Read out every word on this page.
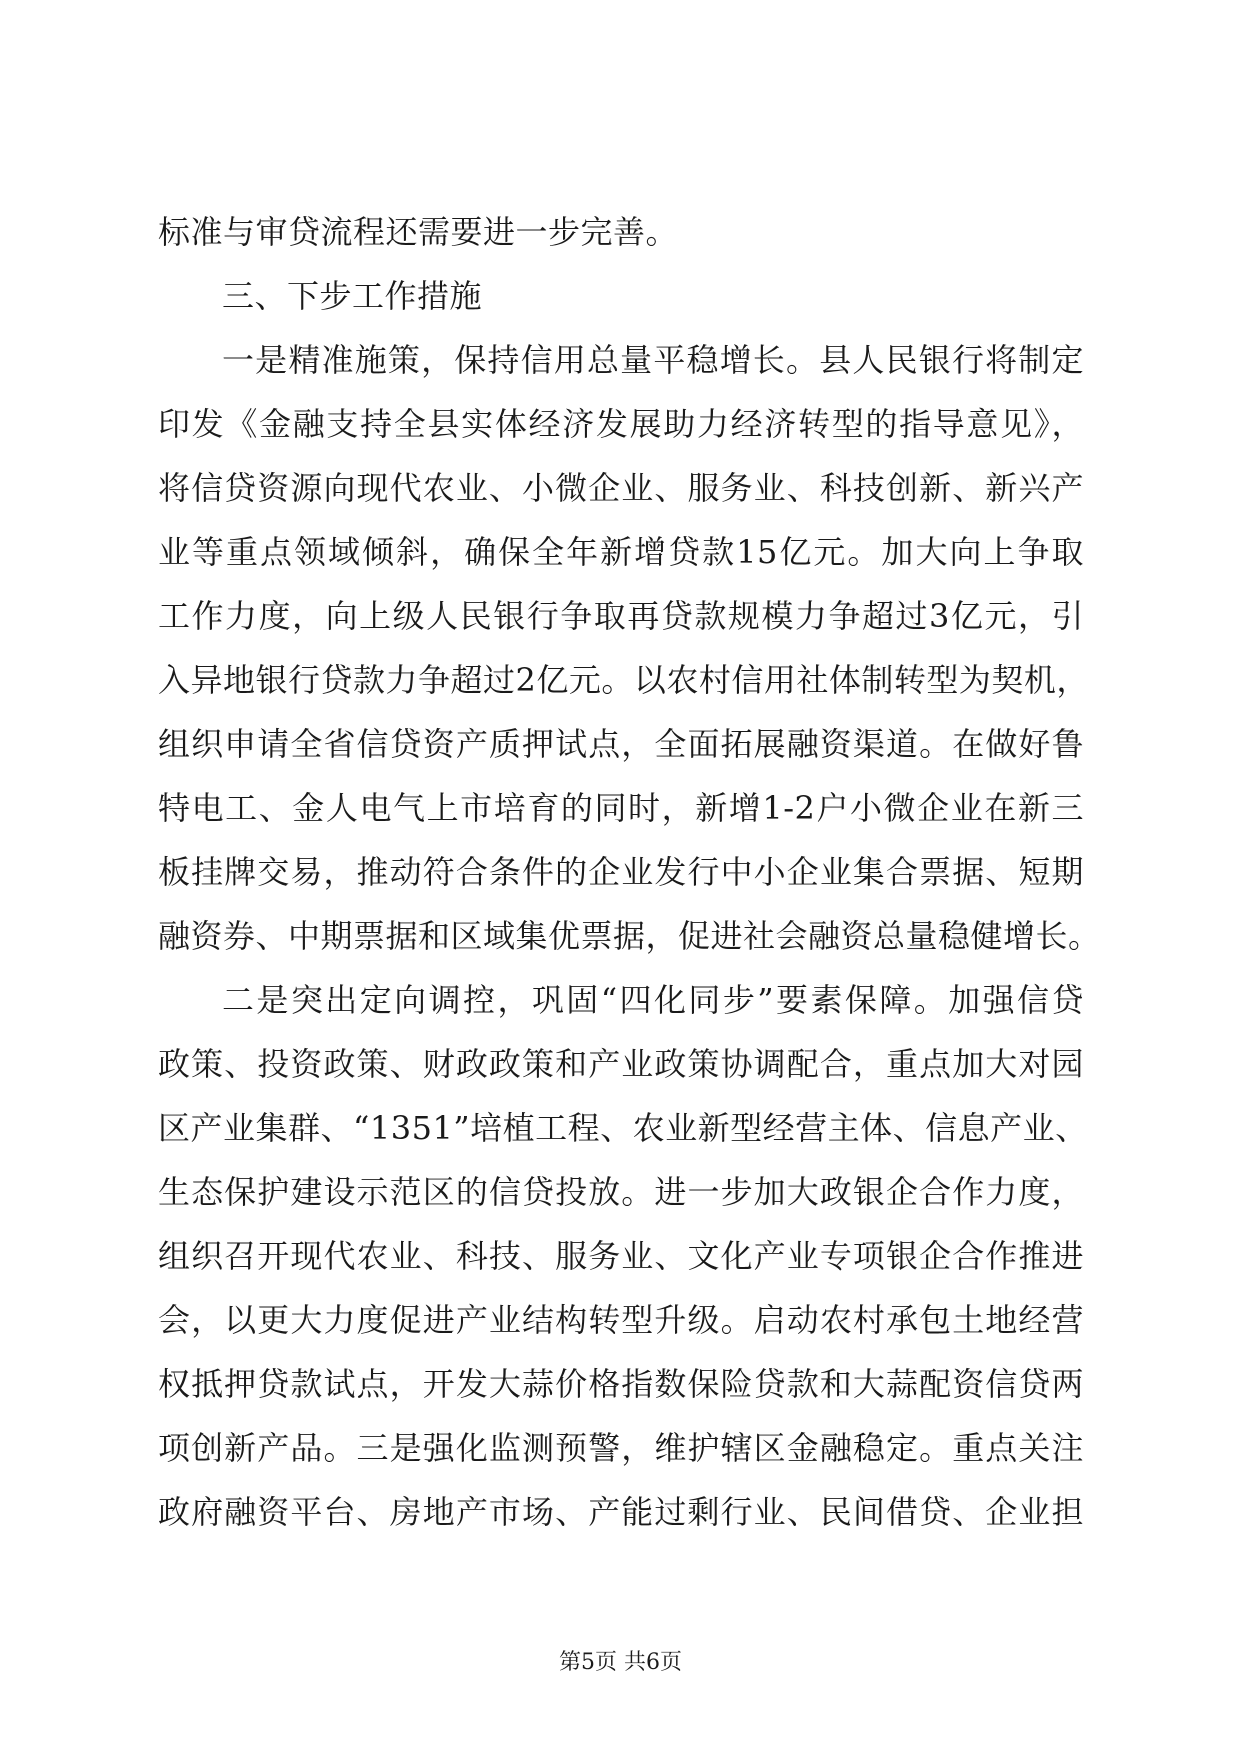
标准与审贷流程还需要进一步完善。
三、下步工作措施
一是精准施策，保持信用总量平稳增长。县人民银行将制定
印发《金融支持全县实体经济发展助力经济转型的指导意见》，
将信贷资源向现代农业、小微企业、服务业、科技创新、新兴产
业等重点领域倾斜，确保全年新增贷款15亿元。加大向上争取
工作力度，向上级人民银行争取再贷款规模力争超过3亿元，引
入异地银行贷款力争超过2亿元。以农村信用社体制转型为契机，
组织申请全省信贷资产质押试点，全面拓展融资渠道。在做好鲁
特电工、金人电气上市培育的同时，新增1-2户小微企业在新三
板挂牌交易，推动符合条件的企业发行中小企业集合票据、短期
融资券、中期票据和区域集优票据，促进社会融资总量稳健增长。
二是突出定向调控，巩固“四化同步”要素保障。加强信贷
政策、投资政策、财政政策和产业政策协调配合，重点加大对园
区产业集群、“1351”培植工程、农业新型经营主体、信息产业、
生态保护建设示范区的信贷投放。进一步加大政银企合作力度，
组织召开现代农业、科技、服务业、文化产业专项银企合作推进
会，以更大力度促进产业结构转型升级。启动农村承包土地经营
权抵押贷款试点，开发大蒜价格指数保险贷款和大蒜配资信贷两
项创新产品。三是强化监测预警，维护辖区金融稳定。重点关注
政府融资平台、房地产市场、产能过剩行业、民间借贷、企业担
第5页 共6页
